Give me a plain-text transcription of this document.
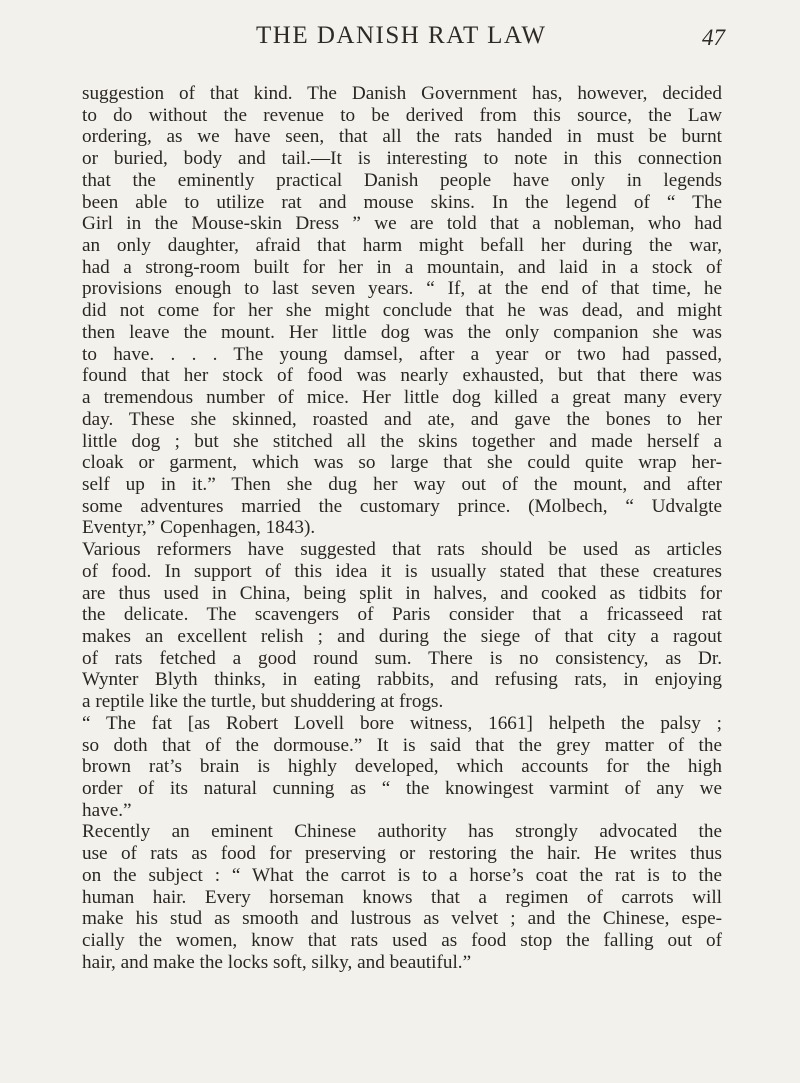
THE DANISH RAT LAW	47
suggestion of that kind. The Danish Government has, however, decided
to do without the revenue to be derived from this source, the Law
ordering, as we have seen, that all the rats handed in must be burnt
or buried, body and tail.—It is interesting to note in this connection
that the eminently practical Danish people have only in legends
been able to utilize rat and mouse skins. In the legend of “ The
Girl in the Mouse-skin Dress ” we are told that a nobleman, who had
an only daughter, afraid that harm might befall her during the war,
had a strong-room built for her in a mountain, and laid in a stock of
provisions enough to last seven years. “ If, at the end of that time, he
did not come for her she might conclude that he was dead, and might
then leave the mount. Her little dog was the only companion she was
to have. . . . The young damsel, after a year or two had passed,
found that her stock of food was nearly exhausted, but that there was
a tremendous number of mice. Her little dog killed a great many every
day. These she skinned, roasted and ate, and gave the bones to her
little dog ; but she stitched all the skins together and made herself a
cloak or garment, which was so large that she could quite wrap her-
self up in it.” Then she dug her way out of the mount, and after
some adventures married the customary prince. (Molbech, “ Udvalgte
Eventyr,” Copenhagen, 1843).
Various reformers have suggested that rats should be used as articles
of food. In support of this idea it is usually stated that these creatures
are thus used in China, being split in halves, and cooked as tidbits for
the delicate. The scavengers of Paris consider that a fricasseed rat
makes an excellent relish ; and during the siege of that city a ragout
of rats fetched a good round sum. There is no consistency, as Dr.
Wynter Blyth thinks, in eating rabbits, and refusing rats, in enjoying
a reptile like the turtle, but shuddering at frogs.
“ The fat [as Robert Lovell bore witness, 1661] helpeth the palsy ;
so doth that of the dormouse.” It is said that the grey matter of the
brown rat’s brain is highly developed, which accounts for the high
order of its natural cunning as “ the knowingest varmint of any we
have.”
Recently an eminent Chinese authority has strongly advocated the
use of rats as food for preserving or restoring the hair. He writes thus
on the subject : “ What the carrot is to a horse’s coat the rat is to the
human hair. Every horseman knows that a regimen of carrots will
make his stud as smooth and lustrous as velvet ; and the Chinese, espe-
cially the women, know that rats used as food stop the falling out of
hair, and make the locks soft, silky, and beautiful.”
